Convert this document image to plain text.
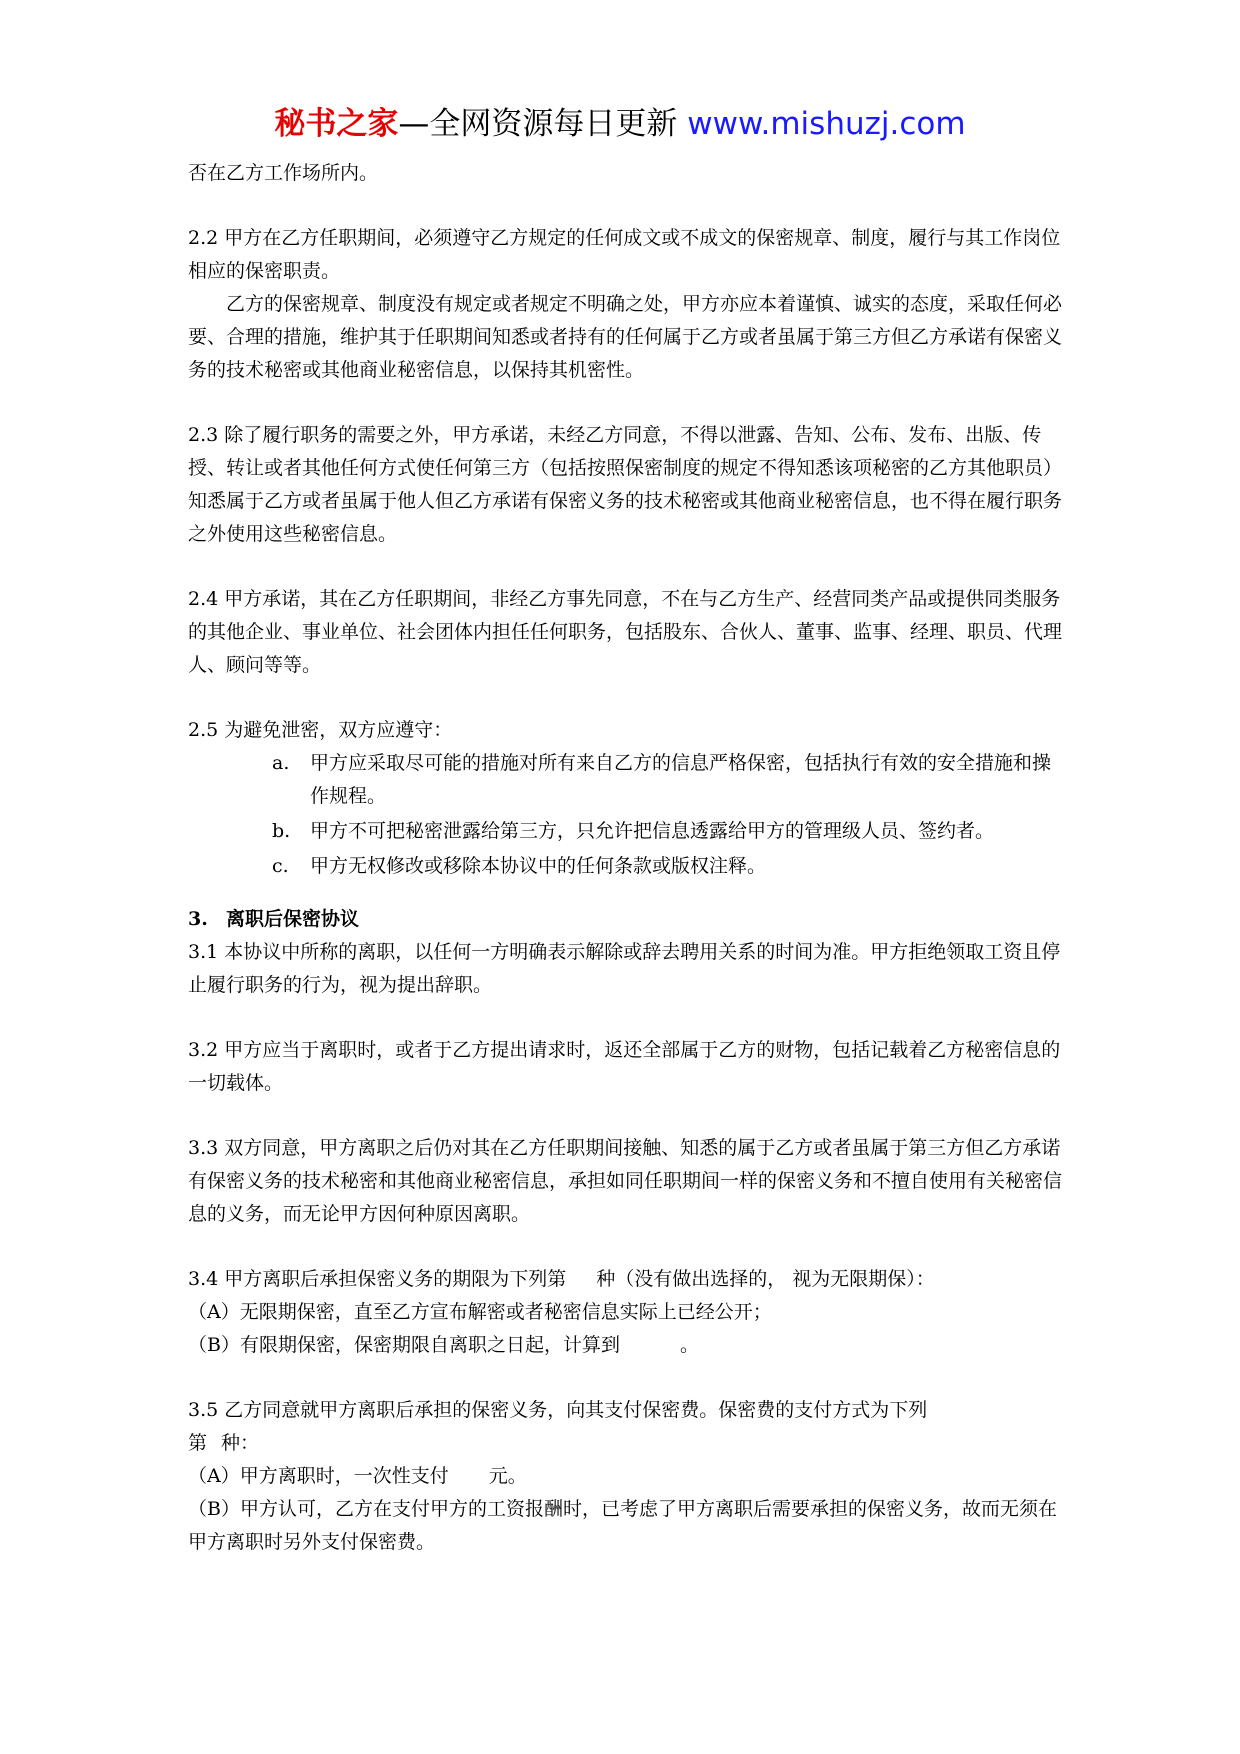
秘书之家—全网资源每日更新 www.mishuzj.com

否在乙方工作场所内。

2.2 甲方在乙方任职期间，必须遵守乙方规定的任何成文或不成文的保密规章、制度，履行与其工作岗位相应的保密职责。

乙方的保密规章、制度没有规定或者规定不明确之处，甲方亦应本着谨慎、诚实的态度，采取任何必要、合理的措施，维护其于任职期间知悉或者持有的任何属于乙方或者虽属于第三方但乙方承诺有保密义务的技术秘密或其他商业秘密信息，以保持其机密性。

2.3 除了履行职务的需要之外，甲方承诺，未经乙方同意，不得以泄露、告知、公布、发布、出版、传授、转让或者其他任何方式使任何第三方（包括按照保密制度的规定不得知悉该项秘密的乙方其他职员）知悉属于乙方或者虽属于他人但乙方承诺有保密义务的技术秘密或其他商业秘密信息，也不得在履行职务之外使用这些秘密信息。

2.4 甲方承诺，其在乙方任职期间，非经乙方事先同意，不在与乙方生产、经营同类产品或提供同类服务的其他企业、事业单位、社会团体内担任任何职务，包括股东、合伙人、董事、监事、经理、职员、代理人、顾问等等。

2.5 为避免泄密，双方应遵守：

a.	甲方应采取尽可能的措施对所有来自乙方的信息严格保密，包括执行有效的安全措施和操作规程。
b.	甲方不可把秘密泄露给第三方，只允许把信息透露给甲方的管理级人员、签约者。
c.	甲方无权修改或移除本协议中的任何条款或版权注释。

3. 离职后保密协议

3.1 本协议中所称的离职，以任何一方明确表示解除或辞去聘用关系的时间为准。甲方拒绝领取工资且停止履行职务的行为，视为提出辞职。

3.2 甲方应当于离职时，或者于乙方提出请求时，返还全部属于乙方的财物，包括记载着乙方秘密信息的一切载体。

3.3 双方同意，甲方离职之后仍对其在乙方任职期间接触、知悉的属于乙方或者虽属于第三方但乙方承诺有保密义务的技术秘密和其他商业秘密信息，承担如同任职期间一样的保密义务和不擅自使用有关秘密信息的义务，而无论甲方因何种原因离职。

3.4 甲方离职后承担保密义务的期限为下列第 种（没有做出选择的， 视为无限期保）：

（A）无限期保密，直至乙方宣布解密或者秘密信息实际上已经公开；

（B）有限期保密，保密期限自离职之日起，计算到	。

3.5 乙方同意就甲方离职后承担的保密义务，向其支付保密费。保密费的支付方式为下列

第 种：

（A）甲方离职时，一次性支付 元。

（B）甲方认可，乙方在支付甲方的工资报酬时，已考虑了甲方离职后需要承担的保密义务，故而无须在甲方离职时另外支付保密费。
